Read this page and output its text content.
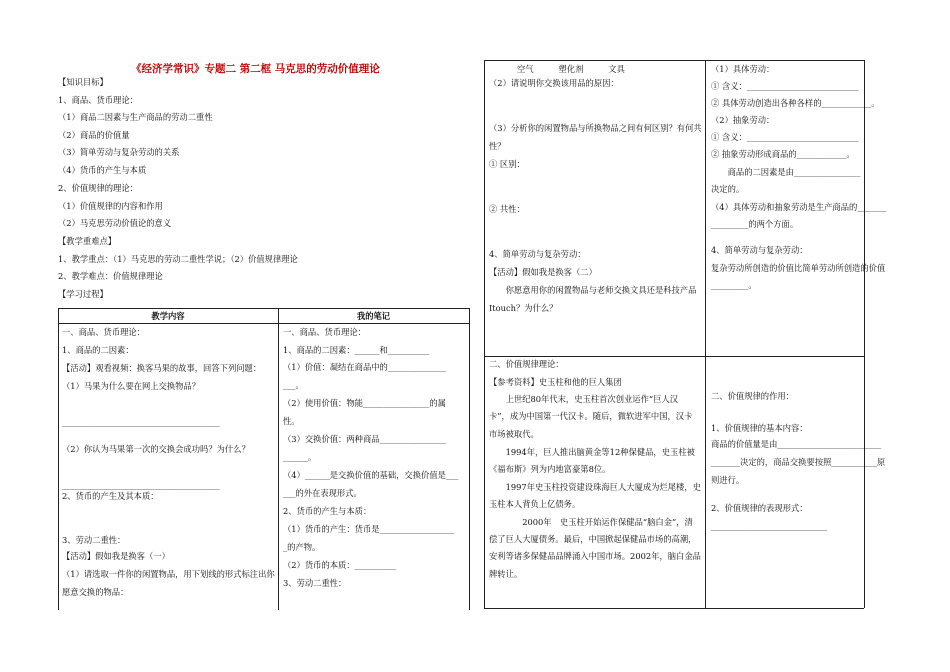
《经济学常识》专题二 第二框 马克思的劳动价值理论
【知识目标】
1、商品、货币理论：
（1）商品二因素与生产商品的劳动二重性
（2）商品的价值量
（3）简单劳动与复杂劳动的关系
（4）货币的产生与本质
2、价值规律的理论：
（1）价值规律的内容和作用
（2）马克思劳动价值论的意义
【教学重难点】
1、教学重点：（1）马克思的劳动二重性学说；（2）价值规律理论
2、教学难点：价值规律理论
【学习过程】
教学内容	我的笔记
一、商品、货币理论：
1、商品的二因素：
【活动】观看视频：换客马果的故事，回答下列问题：
（1）马果为什么要在网上交换物品？
______________________________________
（2）你认为马果第一次的交换会成功吗？为什么？
______________________________________
2、货币的产生及其本质：
3、劳动二重性：
【活动】假如我是换客（一）
（1）请选取一件你的闲置物品，用下划线的形式标注出你
愿意交换的物品：
一、商品、货币理论：
1、商品的二因素：______和__________
（1）价值：凝结在商品中的______________
___。
（2）使用价值：物能________________的属
性。
（3）交换价值：两种商品________________
______。
（4）______是交换价值的基础，交换价值是___
___的外在表现形式。
2、货币的产生与本质：
（1）货币的产生：货币是__________________
_的产物。
（2）货币的本质：__________
3、劳动二重性：
空气　　　塑化剂　　　文具
（2）请说明你交换该用品的原因：
（3）分析你的闲置物品与所换物品之间有何区别？有何共
性？
① 区别：
② 共性：
4、简单劳动与复杂劳动：
【活动】假如我是换客（二）
　　你愿意用你的闲置物品与老师交换文具还是科技产品
Itouch？为什么？
（1）具体劳动：
① 含义：___________________________
② 具体劳动创造出各种各样的____________。
（2）抽象劳动：
① 含义：___________________________
② 抽象劳动形成商品的____________。
　　商品的二因素是由________________
决定的。
（4）具体劳动和抽象劳动是生产商品的_______
_________的两个方面。
4、简单劳动与复杂劳动：
复杂劳动所创造的价值比简单劳动所创造的价值
_________。
二、价值规律理论：
【参考资料】史玉柱和他的巨人集团
　　上世纪80年代末，史玉柱首次创业运作“巨人汉
卡”，成为中国第一代汉卡。随后，微软进军中国，汉卡
市场被取代。
　　1994年，巨人推出脑黄金等12种保健品，史玉柱被
《福布斯》列为内地富豪第8位。
　　1997年史玉柱投资建设珠海巨人大厦成为烂尾楼，史
玉柱本人背负上亿债务。
　　　　2000年　史玉柱开始运作保健品“脑白金”，清
偿了巨人大厦债务。最后，中国掀起保健品市场的高潮，
安利等诸多保健品品牌涌入中国市场。2002年，脑白金品
牌转让。
二、价值规律的作用：
1、价值规律的基本内容：
商品的价值量是由_________________________
_______决定的，商品交换要按照___________原
则进行。
2、价值规律的表现形式：
____________________________
